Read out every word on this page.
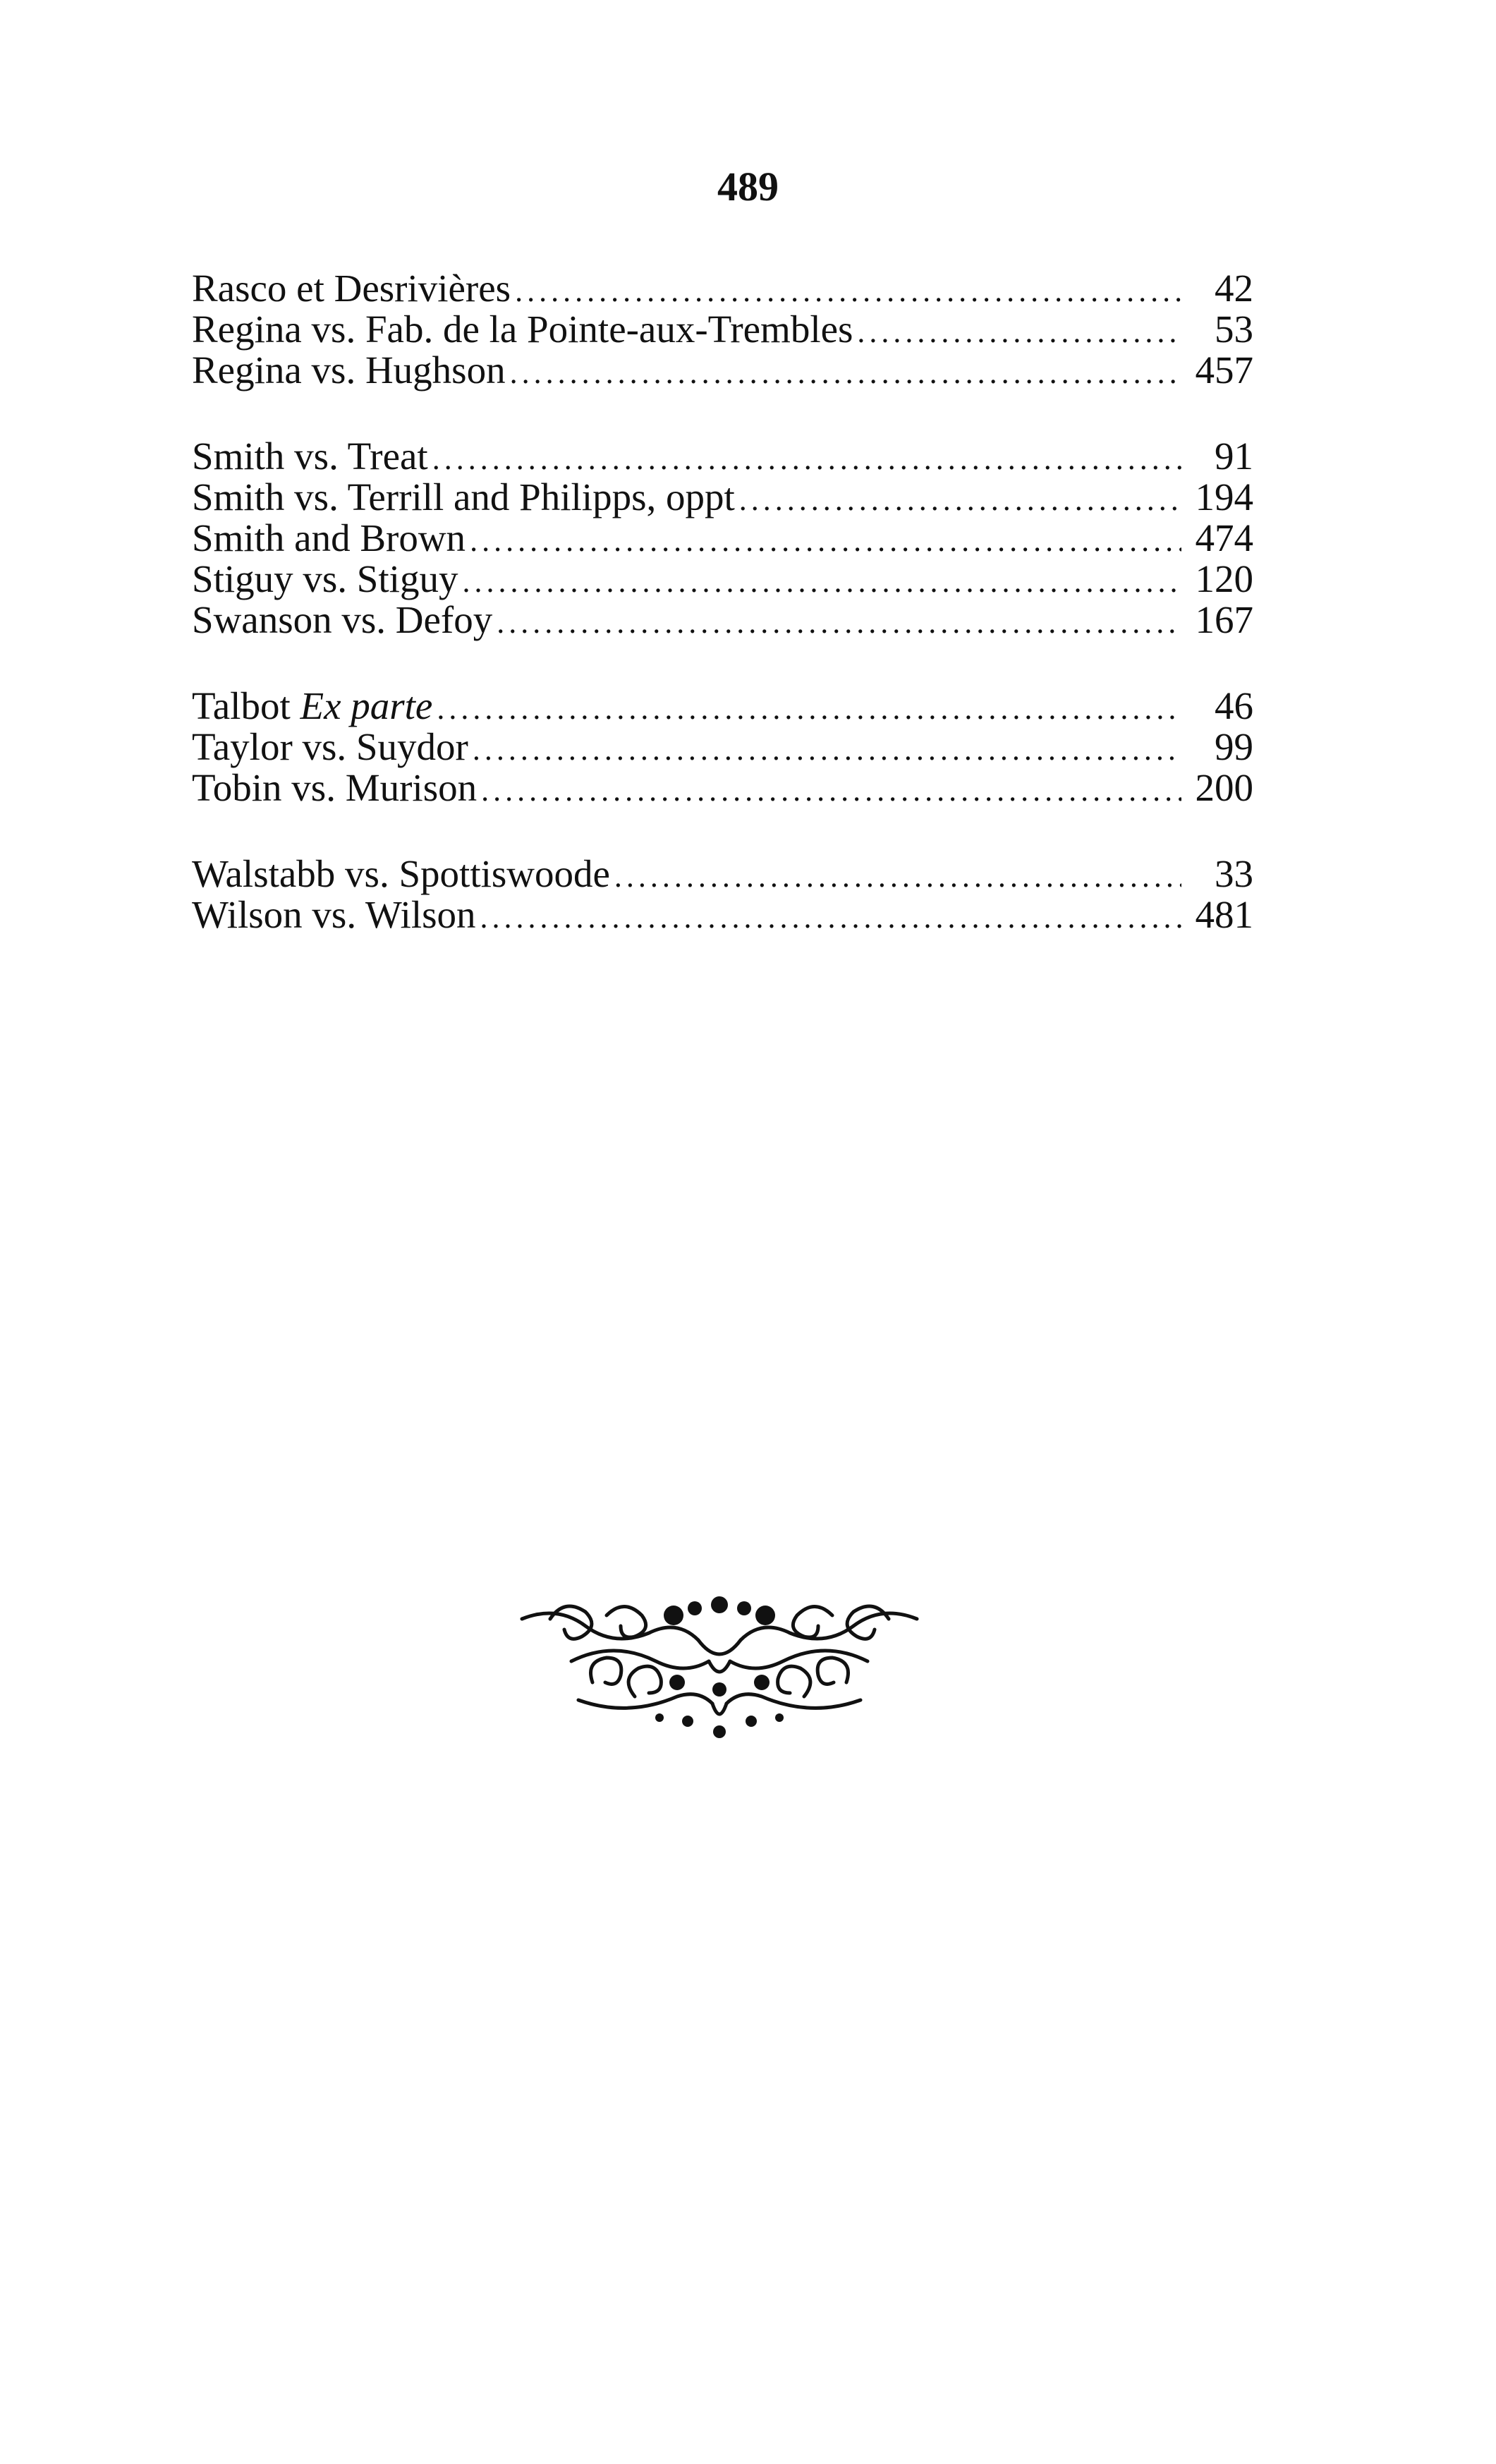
489
Rasco et Desrivières .....	42
Regina vs. Fab. de la Pointe-aux-Trembles .....	53
Regina vs. Hughson .....	457
Smith vs. Treat .....	91
Smith vs. Terrill and Philipps, oppt .....	194
Smith and Brown .....	474
Stiguy vs. Stiguy .....	120
Swanson vs. Defoy .....	167
Talbot Ex parte .....	46
Taylor vs. Suydor .....	99
Tobin vs. Murison .....	200
Walstabb vs. Spottiswoode .....	33
Wilson vs. Wilson .....	481
